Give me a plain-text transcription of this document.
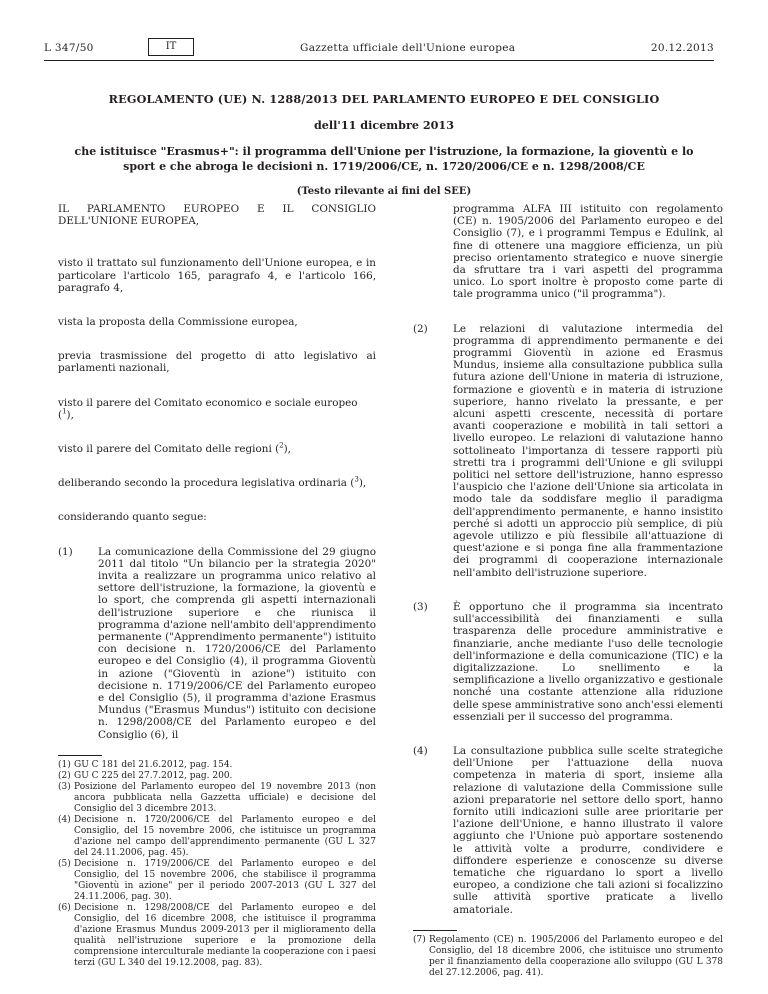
L 347/50	IT	Gazzetta ufficiale dell'Unione europea	20.12.2013

REGOLAMENTO (UE) N. 1288/2013 DEL PARLAMENTO EUROPEO E DEL CONSIGLIO

dell'11 dicembre 2013

che istituisce "Erasmus+": il programma dell'Unione per l'istruzione, la formazione, la gioventù e lo sport e che abroga le decisioni n. 1719/2006/CE, n. 1720/2006/CE e n. 1298/2008/CE

(Testo rilevante ai fini del SEE)

IL PARLAMENTO EUROPEO E IL CONSIGLIO DELL'UNIONE EUROPEA,

visto il trattato sul funzionamento dell'Unione europea, e in particolare l'articolo 165, paragrafo 4, e l'articolo 166, paragrafo 4,

vista la proposta della Commissione europea,

previa trasmissione del progetto di atto legislativo ai parlamenti nazionali,

visto il parere del Comitato economico e sociale europeo ($^1$),

visto il parere del Comitato delle regioni ($^2$),

deliberando secondo la procedura legislativa ordinaria ($^3$),

considerando quanto segue:

(1) La comunicazione della Commissione del 29 giugno 2011 dal titolo "Un bilancio per la strategia 2020" invita a realizzare un programma unico relativo al settore dell'istruzione, la formazione, la gioventù e lo sport, che comprenda gli aspetti internazionali dell'istruzione superiore e che riunisca il programma d'azione nell'ambito dell'apprendimento permanente ("Apprendimento permanente") istituito con decisione n. 1720/2006/CE del Parlamento europeo e del Consiglio (4), il programma Gioventù in azione ("Gioventù in azione") istituito con decisione n. 1719/2006/CE del Parlamento europeo e del Consiglio (5), il programma d'azione Erasmus Mundus ("Erasmus Mundus") istituito con decisione n. 1298/2008/CE del Parlamento europeo e del Consiglio (6), il

(1) GU C 181 del 21.6.2012, pag. 154.
(2) GU C 225 del 27.7.2012, pag. 200.
(3) Posizione del Parlamento europeo del 19 novembre 2013 (non ancora pubblicata nella Gazzetta ufficiale) e decisione del Consiglio del 3 dicembre 2013.
(4) Decisione n. 1720/2006/CE del Parlamento europeo e del Consiglio, del 15 novembre 2006, che istituisce un programma d'azione nel campo dell'apprendimento permanente (GU L 327 del 24.11.2006, pag. 45).
(5) Decisione n. 1719/2006/CE del Parlamento europeo e del Consiglio, del 15 novembre 2006, che stabilisce il programma "Gioventù in azione" per il periodo 2007-2013 (GU L 327 del 24.11.2006, pag. 30).
(6) Decisione n. 1298/2008/CE del Parlamento europeo e del Consiglio, del 16 dicembre 2008, che istituisce il programma d'azione Erasmus Mundus 2009-2013 per il miglioramento della qualità nell'istruzione superiore e la promozione della comprensione interculturale mediante la cooperazione con i paesi terzi (GU L 340 del 19.12.2008, pag. 83).

programma ALFA III istituito con regolamento (CE) n. 1905/2006 del Parlamento europeo e del Consiglio (7), e i programmi Tempus e Edulink, al fine di ottenere una maggiore efficienza, un più preciso orientamento strategico e nuove sinergie da sfruttare tra i vari aspetti del programma unico. Lo sport inoltre è proposto come parte di tale programma unico ("il programma").

(2) Le relazioni di valutazione intermedia del programma di apprendimento permanente e dei programmi Gioventù in azione ed Erasmus Mundus, insieme alla consultazione pubblica sulla futura azione dell'Unione in materia di istruzione, formazione e gioventù e in materia di istruzione superiore, hanno rivelato la pressante, e per alcuni aspetti crescente, necessità di portare avanti cooperazione e mobilità in tali settori a livello europeo. Le relazioni di valutazione hanno sottolineato l'importanza di tessere rapporti più stretti tra i programmi dell'Unione e gli sviluppi politici nel settore dell'istruzione, hanno espresso l'auspicio che l'azione dell'Unione sia articolata in modo tale da soddisfare meglio il paradigma dell'apprendimento permanente, e hanno insistito perché si adotti un approccio più semplice, di più agevole utilizzo e più flessibile all'attuazione di quest'azione e si ponga fine alla frammentazione dei programmi di cooperazione internazionale nell'ambito dell'istruzione superiore.

(3) È opportuno che il programma sia incentrato sull'accessibilità dei finanziamenti e sulla trasparenza delle procedure amministrative e finanziarie, anche mediante l'uso delle tecnologie dell'informazione e della comunicazione (TIC) e la digitalizzazione. Lo snellimento e la semplificazione a livello organizzativo e gestionale nonché una costante attenzione alla riduzione delle spese amministrative sono anch'essi elementi essenziali per il successo del programma.

(4) La consultazione pubblica sulle scelte strategiche dell'Unione per l'attuazione della nuova competenza in materia di sport, insieme alla relazione di valutazione della Commissione sulle azioni preparatorie nel settore dello sport, hanno fornito utili indicazioni sulle aree prioritarie per l'azione dell'Unione, e hanno illustrato il valore aggiunto che l'Unione può apportare sostenendo le attività volte a produrre, condividere e diffondere esperienze e conoscenze su diverse tematiche che riguardano lo sport a livello europeo, a condizione che tali azioni si focalizzino sulle attività sportive praticate a livello amatoriale.

(7) Regolamento (CE) n. 1905/2006 del Parlamento europeo e del Consiglio, del 18 dicembre 2006, che istituisce uno strumento per il finanziamento della cooperazione allo sviluppo (GU L 378 del 27.12.2006, pag. 41).
